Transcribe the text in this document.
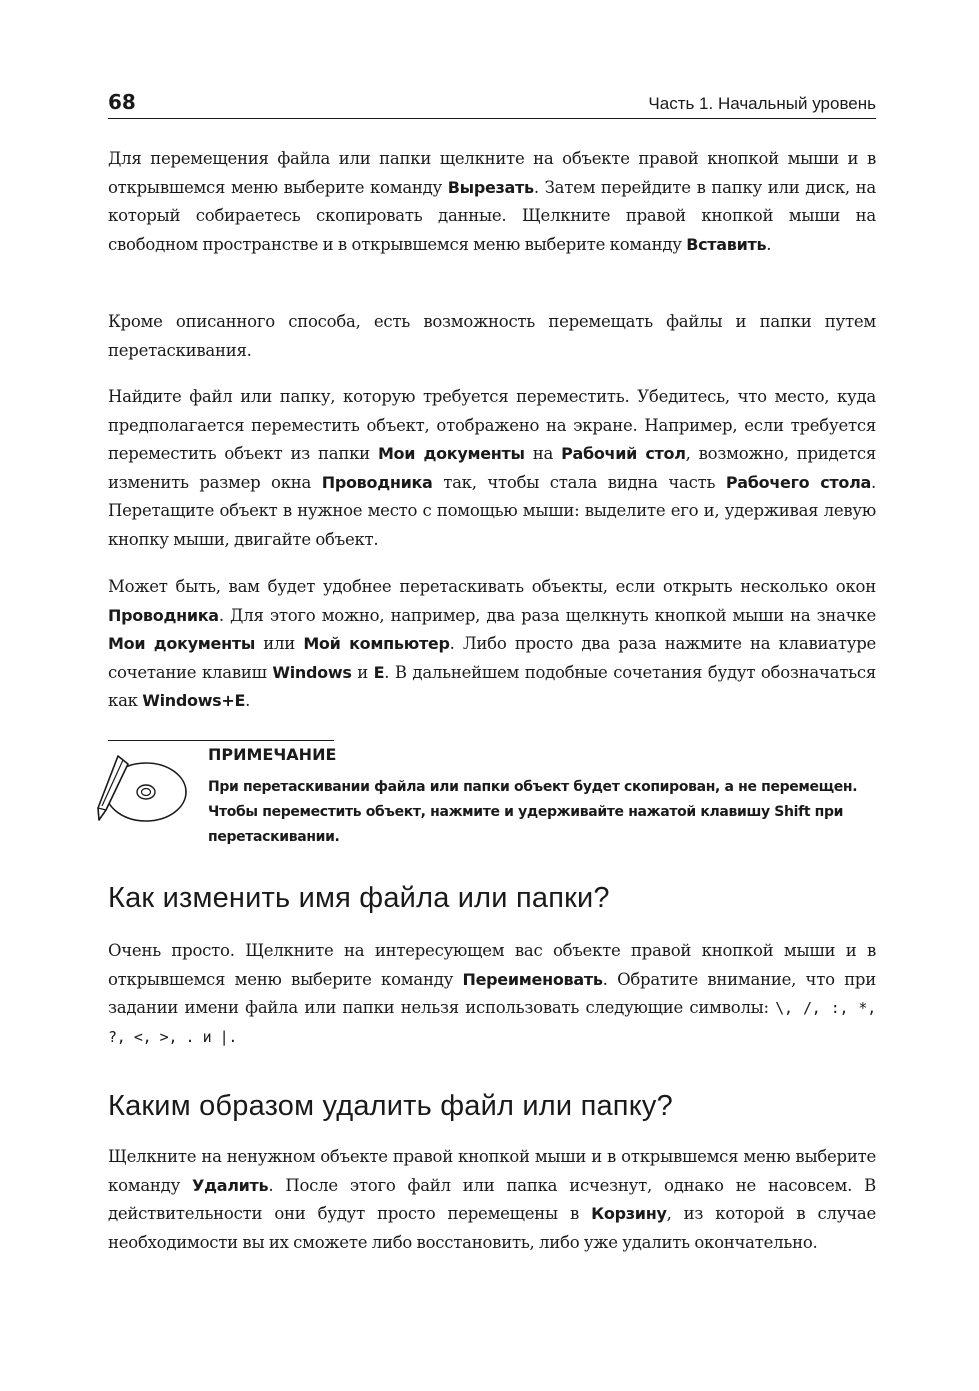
68	Часть 1. Начальный уровень

Для перемещения файла или папки щелкните на объекте правой кнопкой мыши и в открывшемся меню выберите команду Вырезать. Затем перейдите в папку или диск, на который собираетесь скопировать данные. Щелкните правой кнопкой мыши на свободном пространстве и в открывшемся меню выберите команду Вставить.

Кроме описанного способа, есть возможность перемещать файлы и папки путем перетаскивания.

Найдите файл или папку, которую требуется переместить. Убедитесь, что место, куда предполагается переместить объект, отображено на экране. Например, если требуется переместить объект из папки Мои документы на Рабочий стол, возможно, придется изменить размер окна Проводника так, чтобы стала видна часть Рабочего стола. Перетащите объект в нужное место с помощью мыши: выделите его и, удерживая левую кнопку мыши, двигайте объект.

Может быть, вам будет удобнее перетаскивать объекты, если открыть несколько окон Проводника. Для этого можно, например, два раза щелкнуть кнопкой мыши на значке Мои документы или Мой компьютер. Либо просто два раза нажмите на клавиатуре сочетание клавиш Windows и E. В дальнейшем подобные сочетания будут обозначаться как Windows+E.

ПРИМЕЧАНИЕ

При перетаскивании файла или папки объект будет скопирован, а не перемещен.

Чтобы переместить объект, нажмите и удерживайте нажатой клавишу Shift при

перетаскивании.

Как изменить имя файла или папки?

Очень просто. Щелкните на интересующем вас объекте правой кнопкой мыши и в открывшемся меню выберите команду Переименовать. Обратите внимание, что при задании имени файла или папки нельзя использовать следующие символы: \, /, :, *, ?, <, >, . и |.

Каким образом удалить файл или папку?

Щелкните на ненужном объекте правой кнопкой мыши и в открывшемся меню выберите команду Удалить. После этого файл или папка исчезнут, однако не насовсем. В действительности они будут просто перемещены в Корзину, из которой в случае необходимости вы их сможете либо восстановить, либо уже удалить окончательно.
